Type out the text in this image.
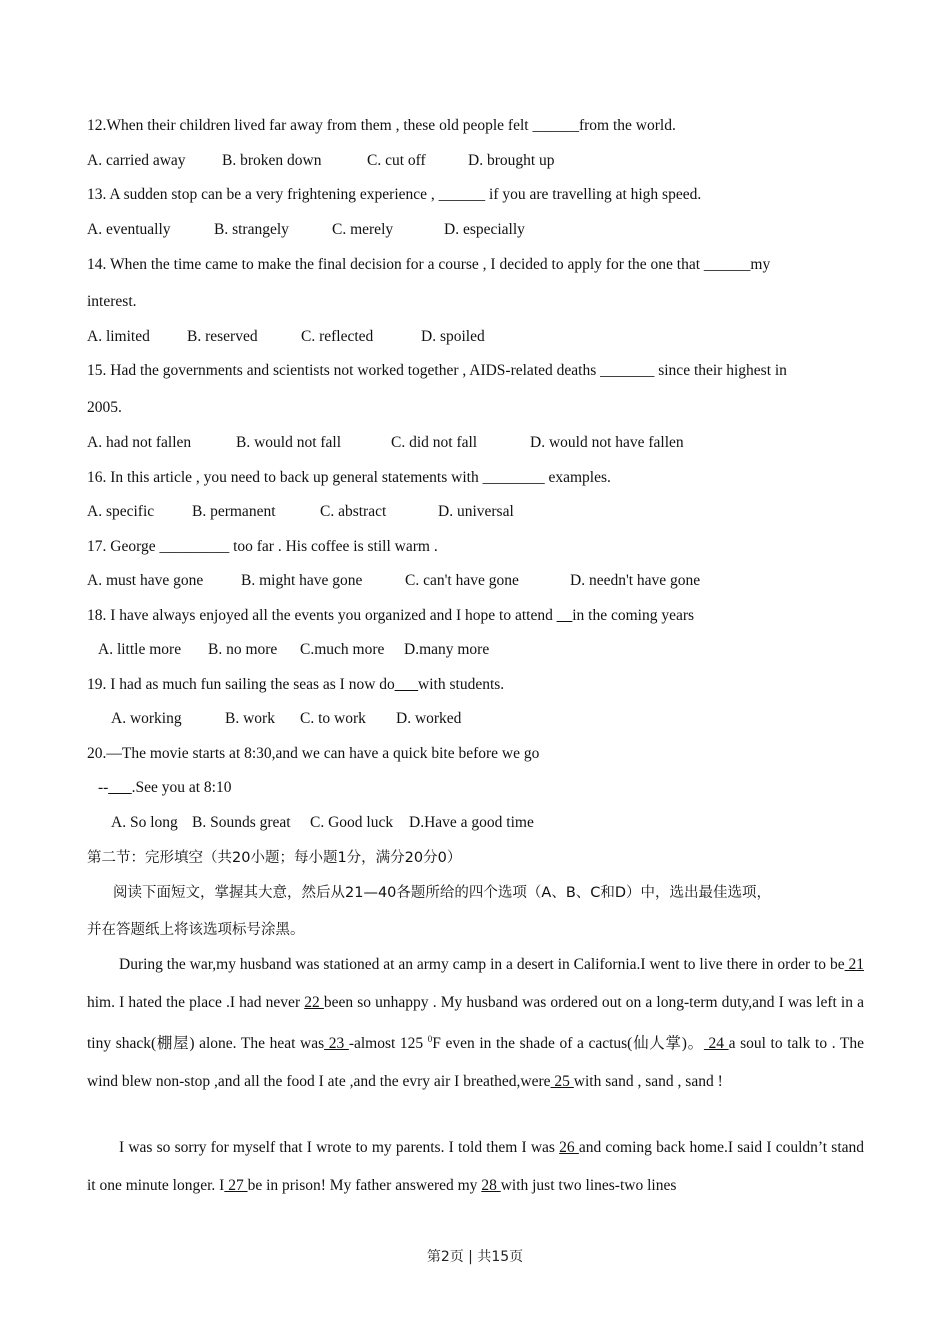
12.When their children lived far away from them , these old people felt ______from the world.
A. carried away B. broken down	C. cut off	D. brought up
13. A sudden stop can be a very frightening experience , ______ if you are travelling at high speed.
A. eventually	B. strangely	C. merely	D. especially
14. When the time came to make the final decision for a course , I decided to apply for the one that ______my
interest.
A. limited B. reserved	C. reflected	D. spoiled
15. Had the governments and scientists not worked together , AIDS-related deaths _______ since their highest in
2005.
A. had not fallen	B. would not fall	C. did not fall	D. would not have fallen
16. In this article , you need to back up general statements with ________ examples.
A. specific B. permanent	C. abstract	D. universal
17. George _________ too far . His coffee is still warm .
A. must have gone B. might have gone	C. can't have gone	D. needn't have gone
18. I have always enjoyed all the events you organized and I hope to attend __in the coming years
A. little more B. no more C.much more D.many more
19. I had as much fun sailing the seas as I now do___with students.
A. working	B. work C. to work D. worked
20.—The movie starts at 8:30,and we can have a quick bite before we go
--___.See you at 8:10
A. So long B. Sounds great C. Good luck D.Have a good time
第二节：完形填空（共20小题；每小题1分，满分20分0）
阅读下面短文，掌握其大意，然后从21—40各题所给的四个选项（A、B、C和D）中，选出最佳选项，
并在答题纸上将该选项标号涂黑。
During the war,my husband was stationed at an army camp in a desert in California.I went to live there in order to be 21 him. I hated the place .I had never 22 been so unhappy . My husband was ordered out on a long-term duty,and I was left in a tiny shack(棚屋) alone. The heat was 23 -almost 125 $^0$F even in the shade of a cactus(仙人掌)。 24 a soul to talk to . The wind blew non-stop ,and all the food I ate ,and the evry air I breathed,were 25 with sand , sand , sand !
I was so sorry for myself that I wrote to my parents. I told them I was 26 and coming back home.I said I couldn’t stand it one minute longer. I 27 be in prison! My father answered my 28 with just two lines-two lines
第2页 | 共15页
